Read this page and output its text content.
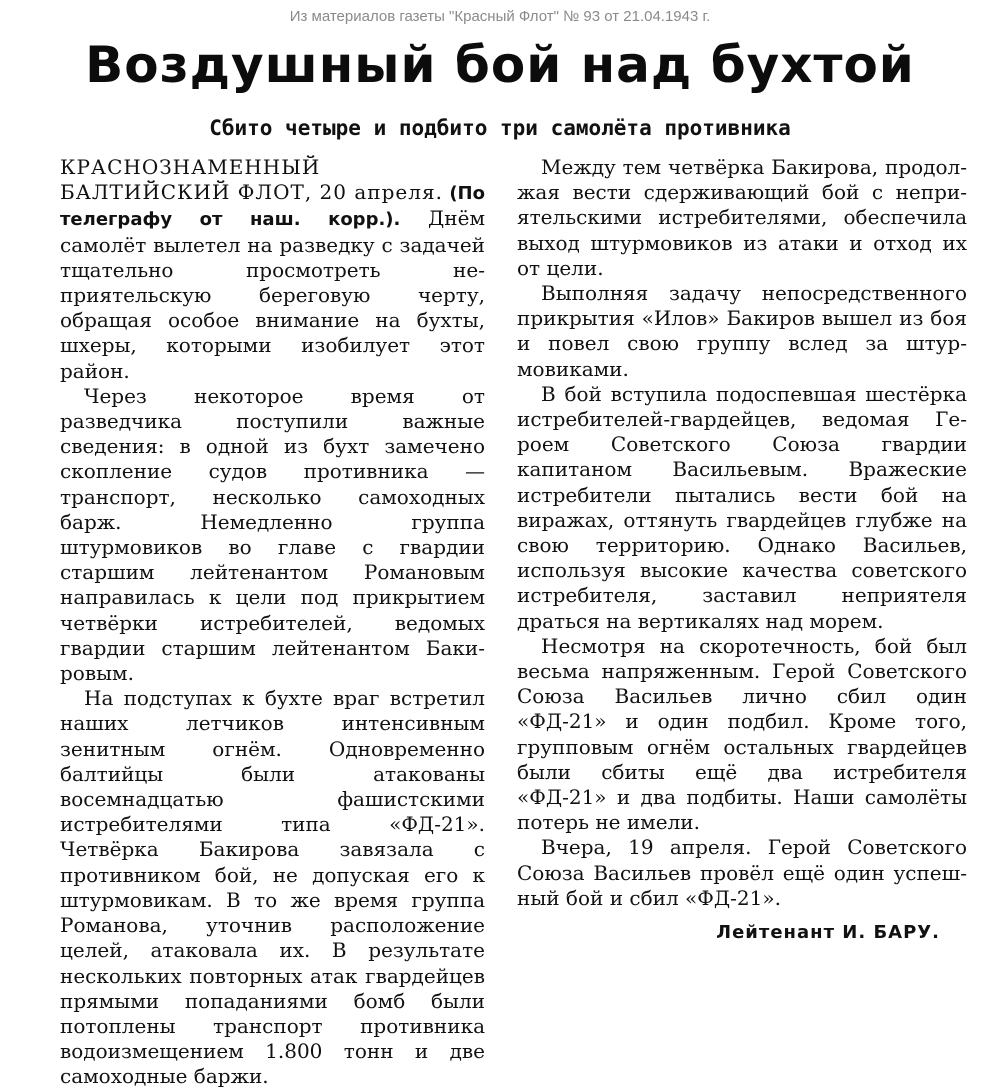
Из материалов газеты "Красный Флот" № 93 от 21.04.1943 г.
Воздушный бой над бухтой
Сбито четыре и подбито три самолёта противника

КРАСНОЗНАМЕННЫЙ БАЛТИЙСКИЙ ФЛОТ, 20 апреля. (По телеграфу от наш. корр.). Днём самолёт вылетел на разведку с задачей тщательно просмотреть неприятельскую береговую черту, обращая особое внимание на бухты, шхеры, которыми изобилует этот район.

Через некоторое время от разведчика поступили важные сведения: в одной из бухт замечено скопление судов противника — транспорт, несколько самоходных барж. Немедленно группа штурмовиков во главе с гвардии старшим лейтенантом Романовым направилась к цели под прикрытием четвёрки истребителей, ведомых гвардии старшим лейтенантом Бакировым.

На подступах к бухте враг встретил наших летчиков интенсивным зенитным огнём. Одновременно балтийцы были атакованы восемнадцатью фашистскими истребителями типа «ФД-21». Четвёрка Бакирова завязала с противником бой, не допуская его к штурмовикам. В то же время группа Романова, уточнив расположение целей, атаковала их. В результате нескольких повторных атак гвардейцев прямыми попаданиями бомб были потоплены транспорт противника водоизмещением 1.800 тонн и две самоходные баржи.

Между тем четвёрка Бакирова, продолжая вести сдерживающий бой с неприятельскими истребителями, обеспечила выход штурмовиков из атаки и отход их от цели.

Выполняя задачу непосредственного прикрытия «Илов» Бакиров вышел из боя и повел свою группу вслед за штурмовиками.

В бой вступила подоспевшая шестёрка истребителей-гвардейцев, ведомая Героем Советского Союза гвардии капитаном Васильевым. Вражеские истребители пытались вести бой на виражах, оттянуть гвардейцев глубже на свою территорию. Однако Васильев, используя высокие качества советского истребителя, заставил неприятеля драться на вертикалях над морем.

Несмотря на скоротечность, бой был весьма напряженным. Герой Советского Союза Васильев лично сбил один «ФД-21» и один подбил. Кроме того, групповым огнём остальных гвардейцев были сбиты ещё два истребителя «ФД-21» и два подбиты. Наши самолёты потерь не имели.

Вчера, 19 апреля. Герой Советского Союза Васильев провёл ещё один успешный бой и сбил «ФД-21».

Лейтенант И. БАРУ.
